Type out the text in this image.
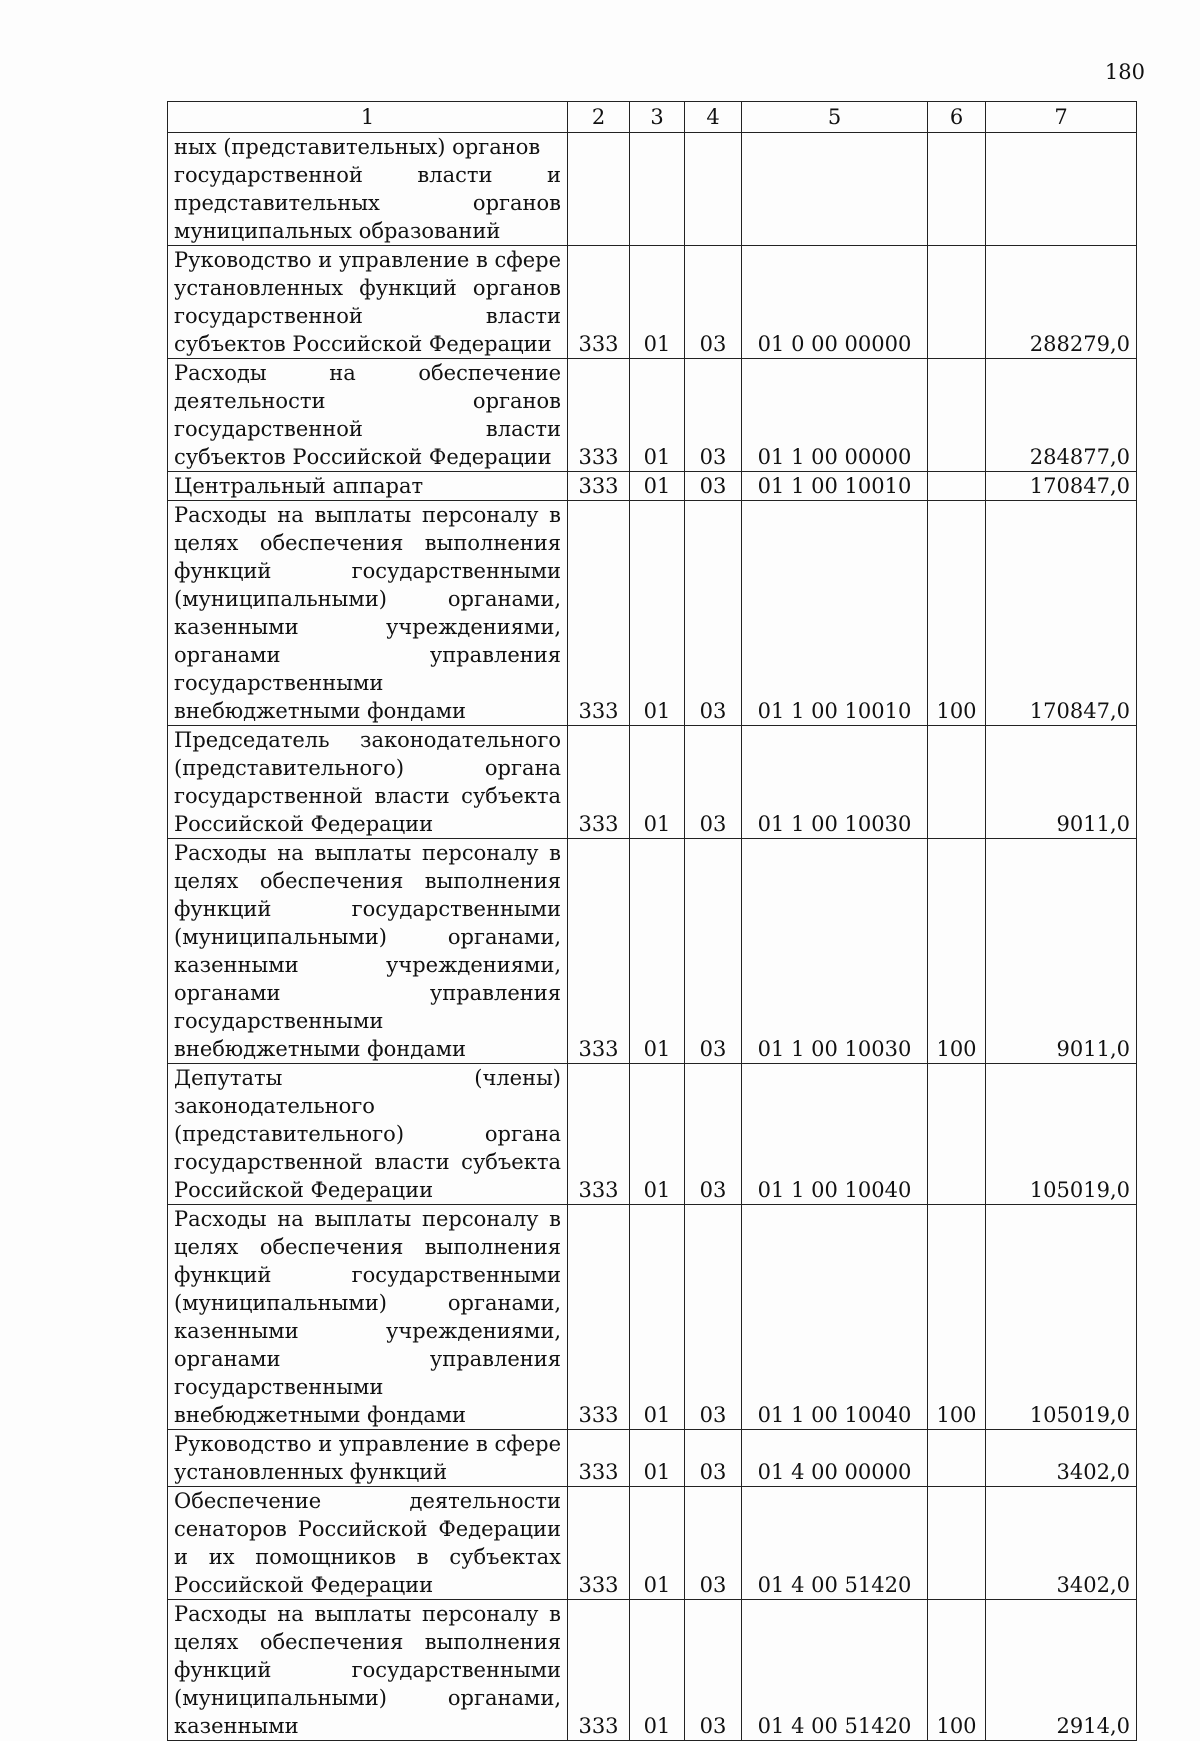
180
1	2	3	4	5	6	7
ных (представительных) органов
государственной власти и представительных органов муниципальных образований						
Руководство и управление в сфере установленных функций органов государственной власти субъектов Российской Федерации	333	01	03	01 0 00 00000		288279,0
Расходы на обеспечение деятельности органов государственной власти субъектов Российской Федерации	333	01	03	01 1 00 00000		284877,0
Центральный аппарат	333	01	03	01 1 00 10010		170847,0
Расходы на выплаты персоналу в целях обеспечения выполнения функций государственными (муниципальными) органами, казенными учреждениями, органами управления государственными внебюджетными фондами	333	01	03	01 1 00 10010	100	170847,0
Председатель законодательного (представительного) органа государственной власти субъекта Российской Федерации	333	01	03	01 1 00 10030		9011,0
Расходы на выплаты персоналу в целях обеспечения выполнения функций государственными (муниципальными) органами, казенными учреждениями, органами управления государственными внебюджетными фондами	333	01	03	01 1 00 10030	100	9011,0
Депутаты (члены) законодательного (представительного) органа государственной власти субъекта Российской Федерации	333	01	03	01 1 00 10040		105019,0
Расходы на выплаты персоналу в целях обеспечения выполнения функций государственными (муниципальными) органами, казенными учреждениями, органами управления государственными внебюджетными фондами	333	01	03	01 1 00 10040	100	105019,0
Руководство и управление в сфере установленных функций	333	01	03	01 4 00 00000		3402,0
Обеспечение деятельности сенаторов Российской Федерации и их помощников в субъектах Российской Федерации	333	01	03	01 4 00 51420		3402,0
Расходы на выплаты персоналу в целях обеспечения выполнения функций государственными (муниципальными) органами, казенными	333	01	03	01 4 00 51420	100	2914,0
